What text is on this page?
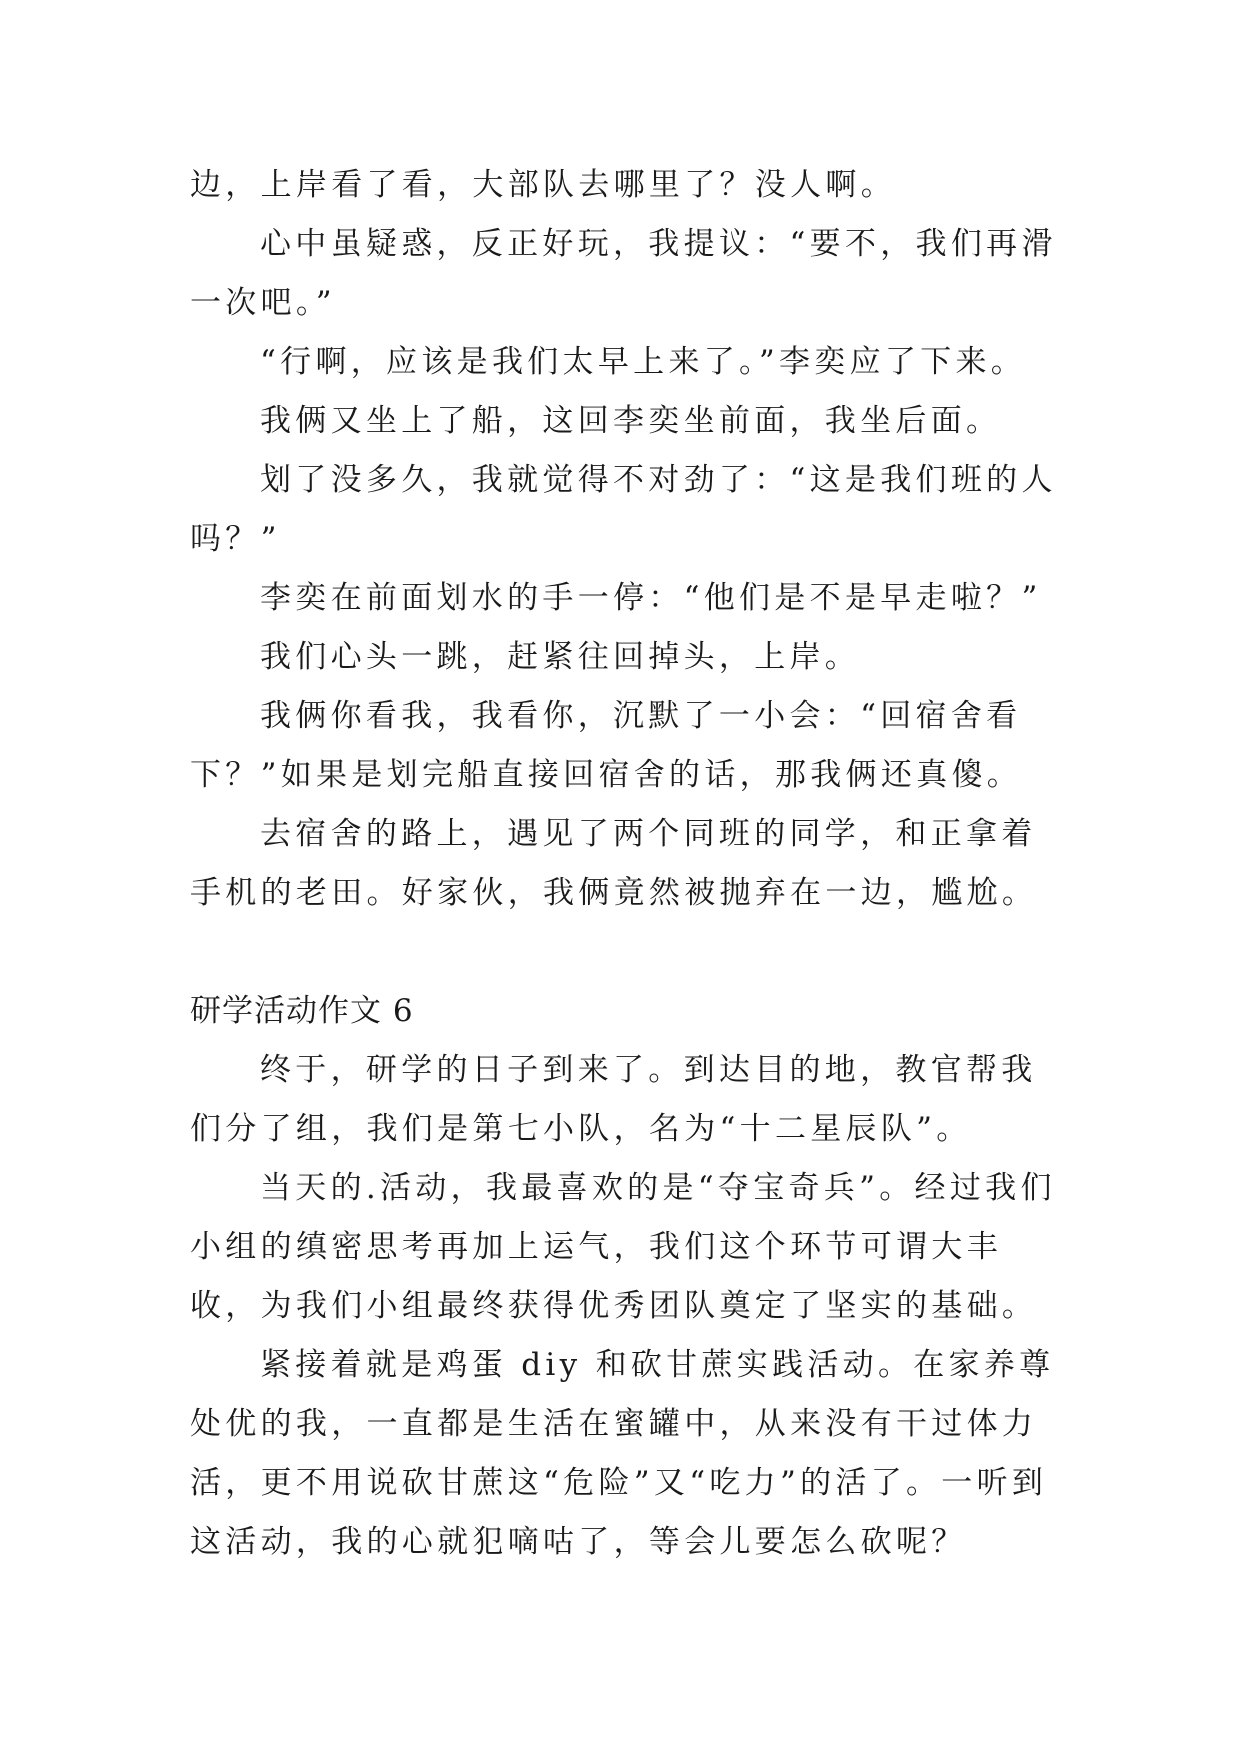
边，上岸看了看，大部队去哪里了？没人啊。

心中虽疑惑，反正好玩，我提议：“要不，我们再滑一次吧。”

“行啊，应该是我们太早上来了。”李奕应了下来。

我俩又坐上了船，这回李奕坐前面，我坐后面。

划了没多久，我就觉得不对劲了：“这是我们班的人吗？”

李奕在前面划水的手一停：“他们是不是早走啦？”

我们心头一跳，赶紧往回掉头，上岸。

我俩你看我，我看你，沉默了一小会：“回宿舍看下？”如果是划完船直接回宿舍的话，那我俩还真傻。

去宿舍的路上，遇见了两个同班的同学，和正拿着手机的老田。好家伙，我俩竟然被抛弃在一边，尴尬。

研学活动作文 6

终于，研学的日子到来了。到达目的地，教官帮我们分了组，我们是第七小队，名为“十二星辰队”。

当天的.活动，我最喜欢的是“夺宝奇兵”。经过我们小组的缜密思考再加上运气，我们这个环节可谓大丰收，为我们小组最终获得优秀团队奠定了坚实的基础。

紧接着就是鸡蛋 diy 和砍甘蔗实践活动。在家养尊处优的我，一直都是生活在蜜罐中，从来没有干过体力活，更不用说砍甘蔗这“危险”又“吃力”的活了。一听到这活动，我的心就犯嘀咕了，等会儿要怎么砍呢？
